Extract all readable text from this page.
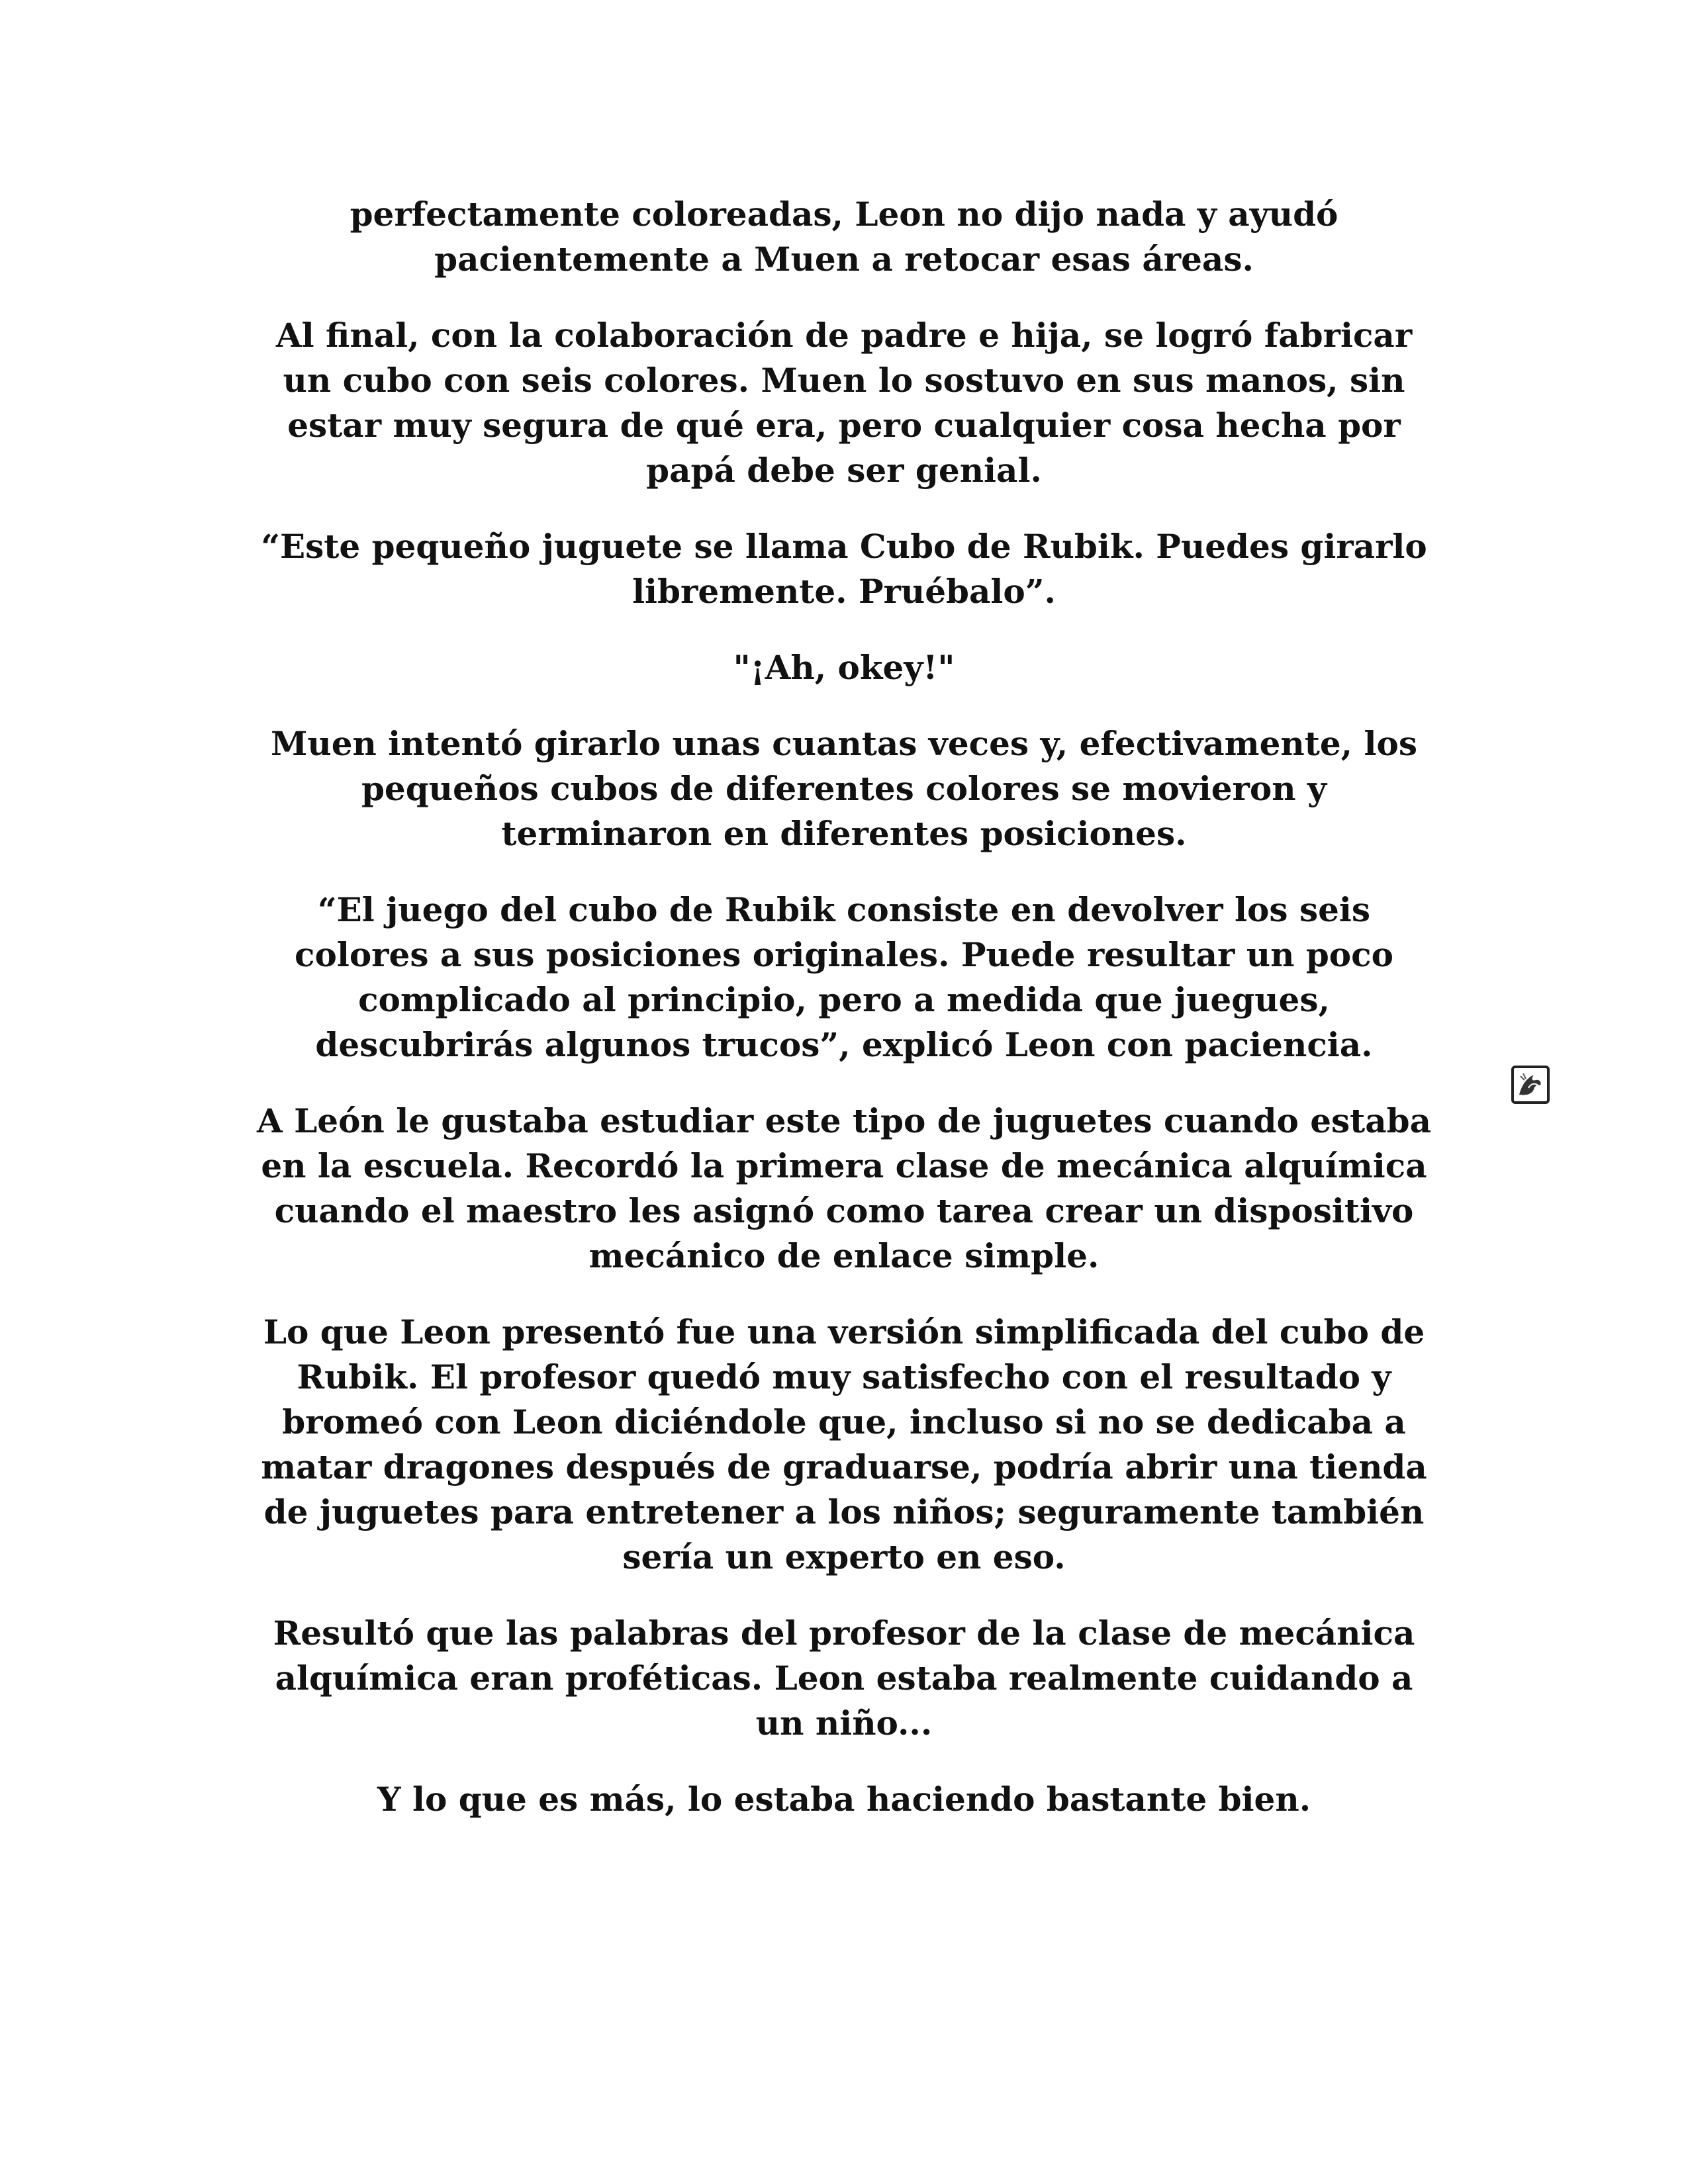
perfectamente coloreadas, Leon no dijo nada y ayudó
pacientemente a Muen a retocar esas áreas.

Al final, con la colaboración de padre e hija, se logró fabricar
un cubo con seis colores. Muen lo sostuvo en sus manos, sin
estar muy segura de qué era, pero cualquier cosa hecha por
papá debe ser genial.

“Este pequeño juguete se llama Cubo de Rubik. Puedes girarlo
libremente. Pruébalo”.

"¡Ah, okey!"

Muen intentó girarlo unas cuantas veces y, efectivamente, los
pequeños cubos de diferentes colores se movieron y
terminaron en diferentes posiciones.

“El juego del cubo de Rubik consiste en devolver los seis
colores a sus posiciones originales. Puede resultar un poco
complicado al principio, pero a medida que juegues,
descubrirás algunos trucos”, explicó Leon con paciencia.

A León le gustaba estudiar este tipo de juguetes cuando estaba
en la escuela. Recordó la primera clase de mecánica alquímica
cuando el maestro les asignó como tarea crear un dispositivo
mecánico de enlace simple.

Lo que Leon presentó fue una versión simplificada del cubo de
Rubik. El profesor quedó muy satisfecho con el resultado y
bromeó con Leon diciéndole que, incluso si no se dedicaba a
matar dragones después de graduarse, podría abrir una tienda
de juguetes para entretener a los niños; seguramente también
sería un experto en eso.

Resultó que las palabras del profesor de la clase de mecánica
alquímica eran proféticas. Leon estaba realmente cuidando a
un niño...

Y lo que es más, lo estaba haciendo bastante bien.
